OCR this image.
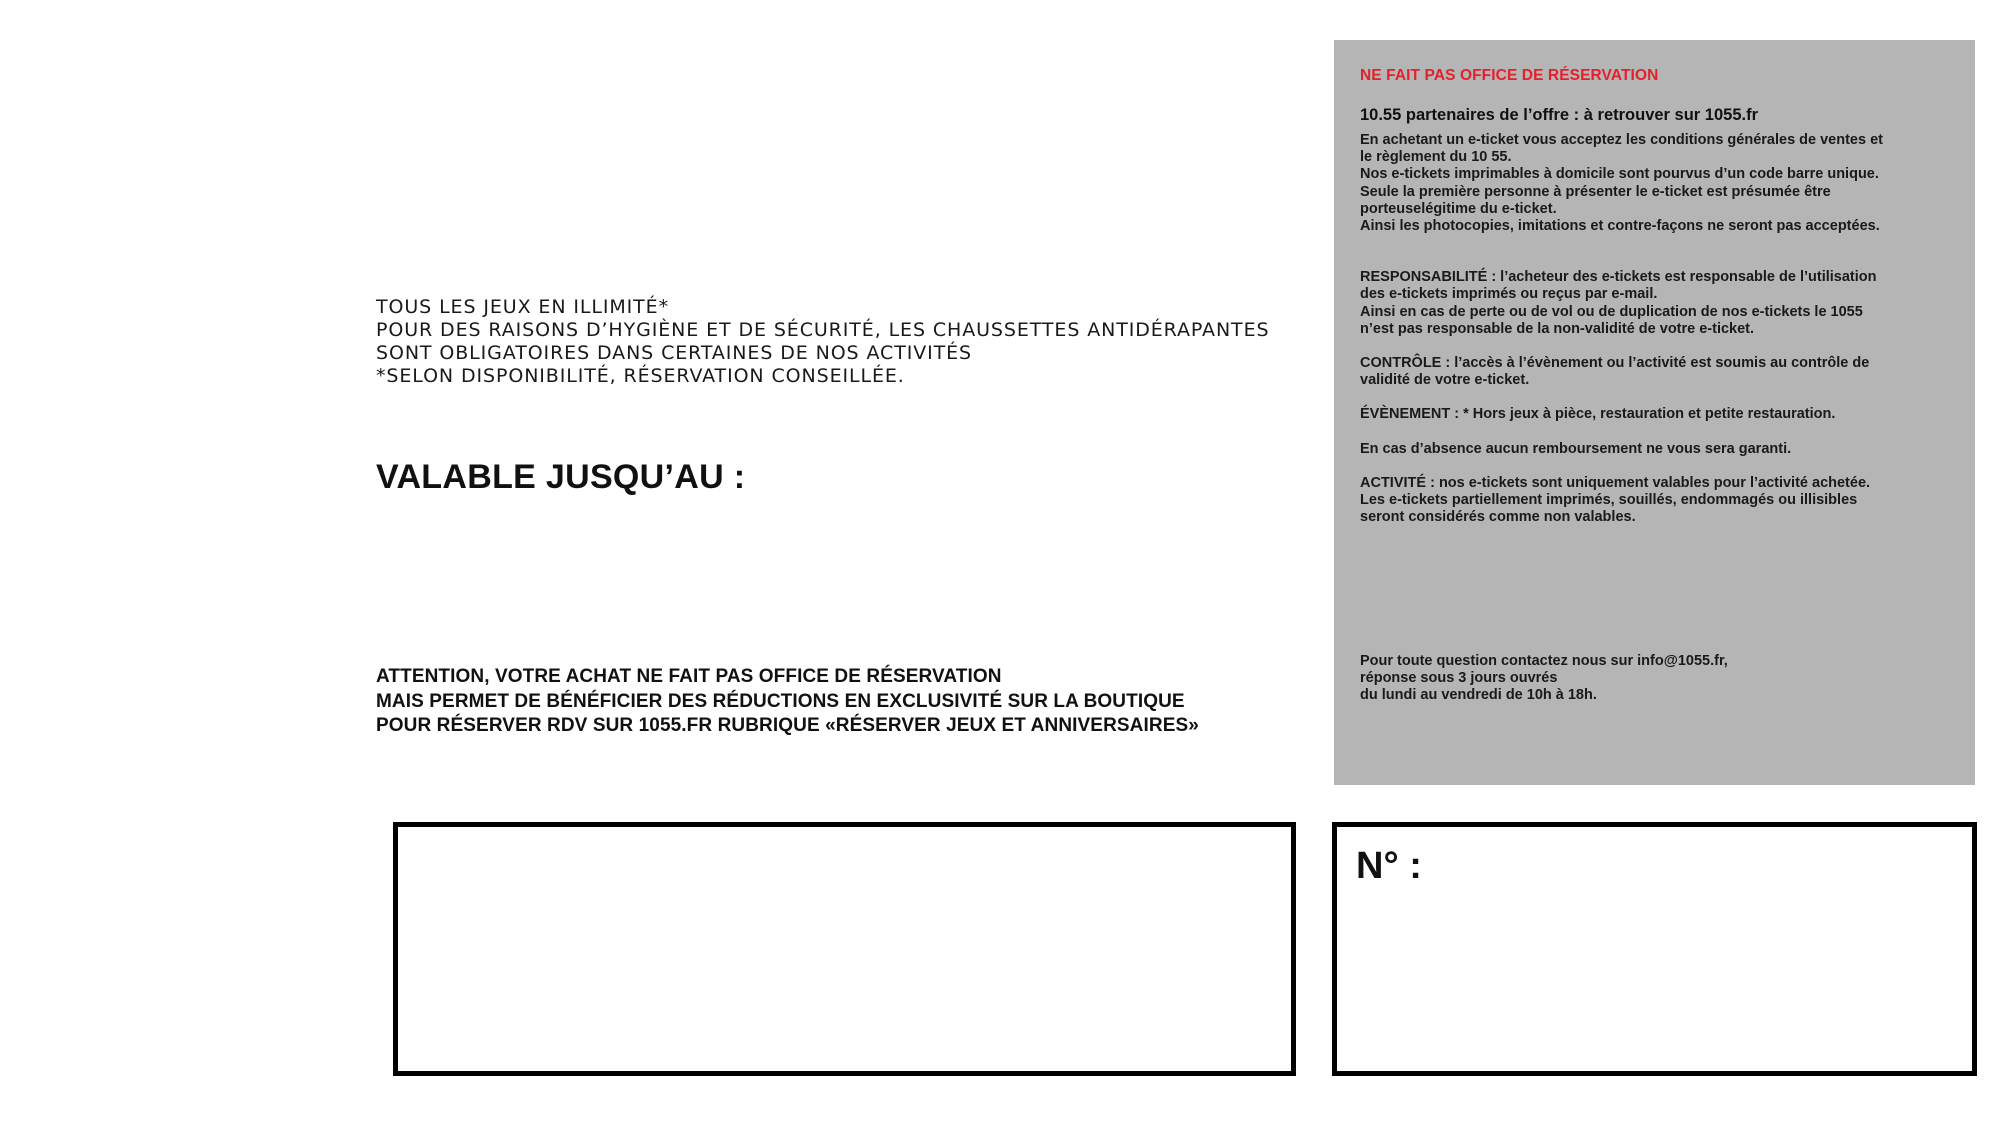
TOUS LES JEUX EN ILLIMITÉ*
POUR DES RAISONS D’HYGIÈNE ET DE SÉCURITÉ, LES CHAUSSETTES ANTIDÉRAPANTES
SONT OBLIGATOIRES DANS CERTAINES DE NOS ACTIVITÉS
*SELON DISPONIBILITÉ, RÉSERVATION CONSEILLÉE.
VALABLE JUSQU’AU :
ATTENTION, VOTRE ACHAT NE FAIT PAS OFFICE DE RÉSERVATION
MAIS PERMET DE BÉNÉFICIER DES RÉDUCTIONS EN EXCLUSIVITÉ SUR LA BOUTIQUE
POUR RÉSERVER RDV SUR 1055.FR RUBRIQUE «RÉSERVER JEUX ET ANNIVERSAIRES»
NE FAIT PAS OFFICE DE RÉSERVATION
10.55 partenaires de l’offre : à retrouver sur 1055.fr
En achetant un e-ticket vous acceptez les conditions générales de ventes et
le règlement du 10 55.
Nos e-tickets imprimables à domicile sont pourvus d’un code barre unique.
Seule la première personne à présenter le e-ticket est présumée être
porteuselégitime du e-ticket.
Ainsi les photocopies, imitations et contre-façons ne seront pas acceptées.
RESPONSABILITÉ : l’acheteur des e-tickets est responsable de l’utilisation
des e-tickets imprimés ou reçus par e-mail.
Ainsi en cas de perte ou de vol ou de duplication de nos e-tickets le 1055
n’est pas responsable de la non-validité de votre e-ticket.
CONTRÔLE : l’accès à l’évènement ou l’activité est soumis au contrôle de
validité de votre e-ticket.
ÉVÈNEMENT : * Hors jeux à pièce, restauration et petite restauration.
En cas d’absence aucun remboursement ne vous sera garanti.
ACTIVITÉ : nos e-tickets sont uniquement valables pour l’activité achetée.
Les e-tickets partiellement imprimés, souillés, endommagés ou illisibles
seront considérés comme non valables.
Pour toute question contactez nous sur info@1055.fr,
réponse sous 3 jours ouvrés
du lundi au vendredi de 10h à 18h.
N° :
